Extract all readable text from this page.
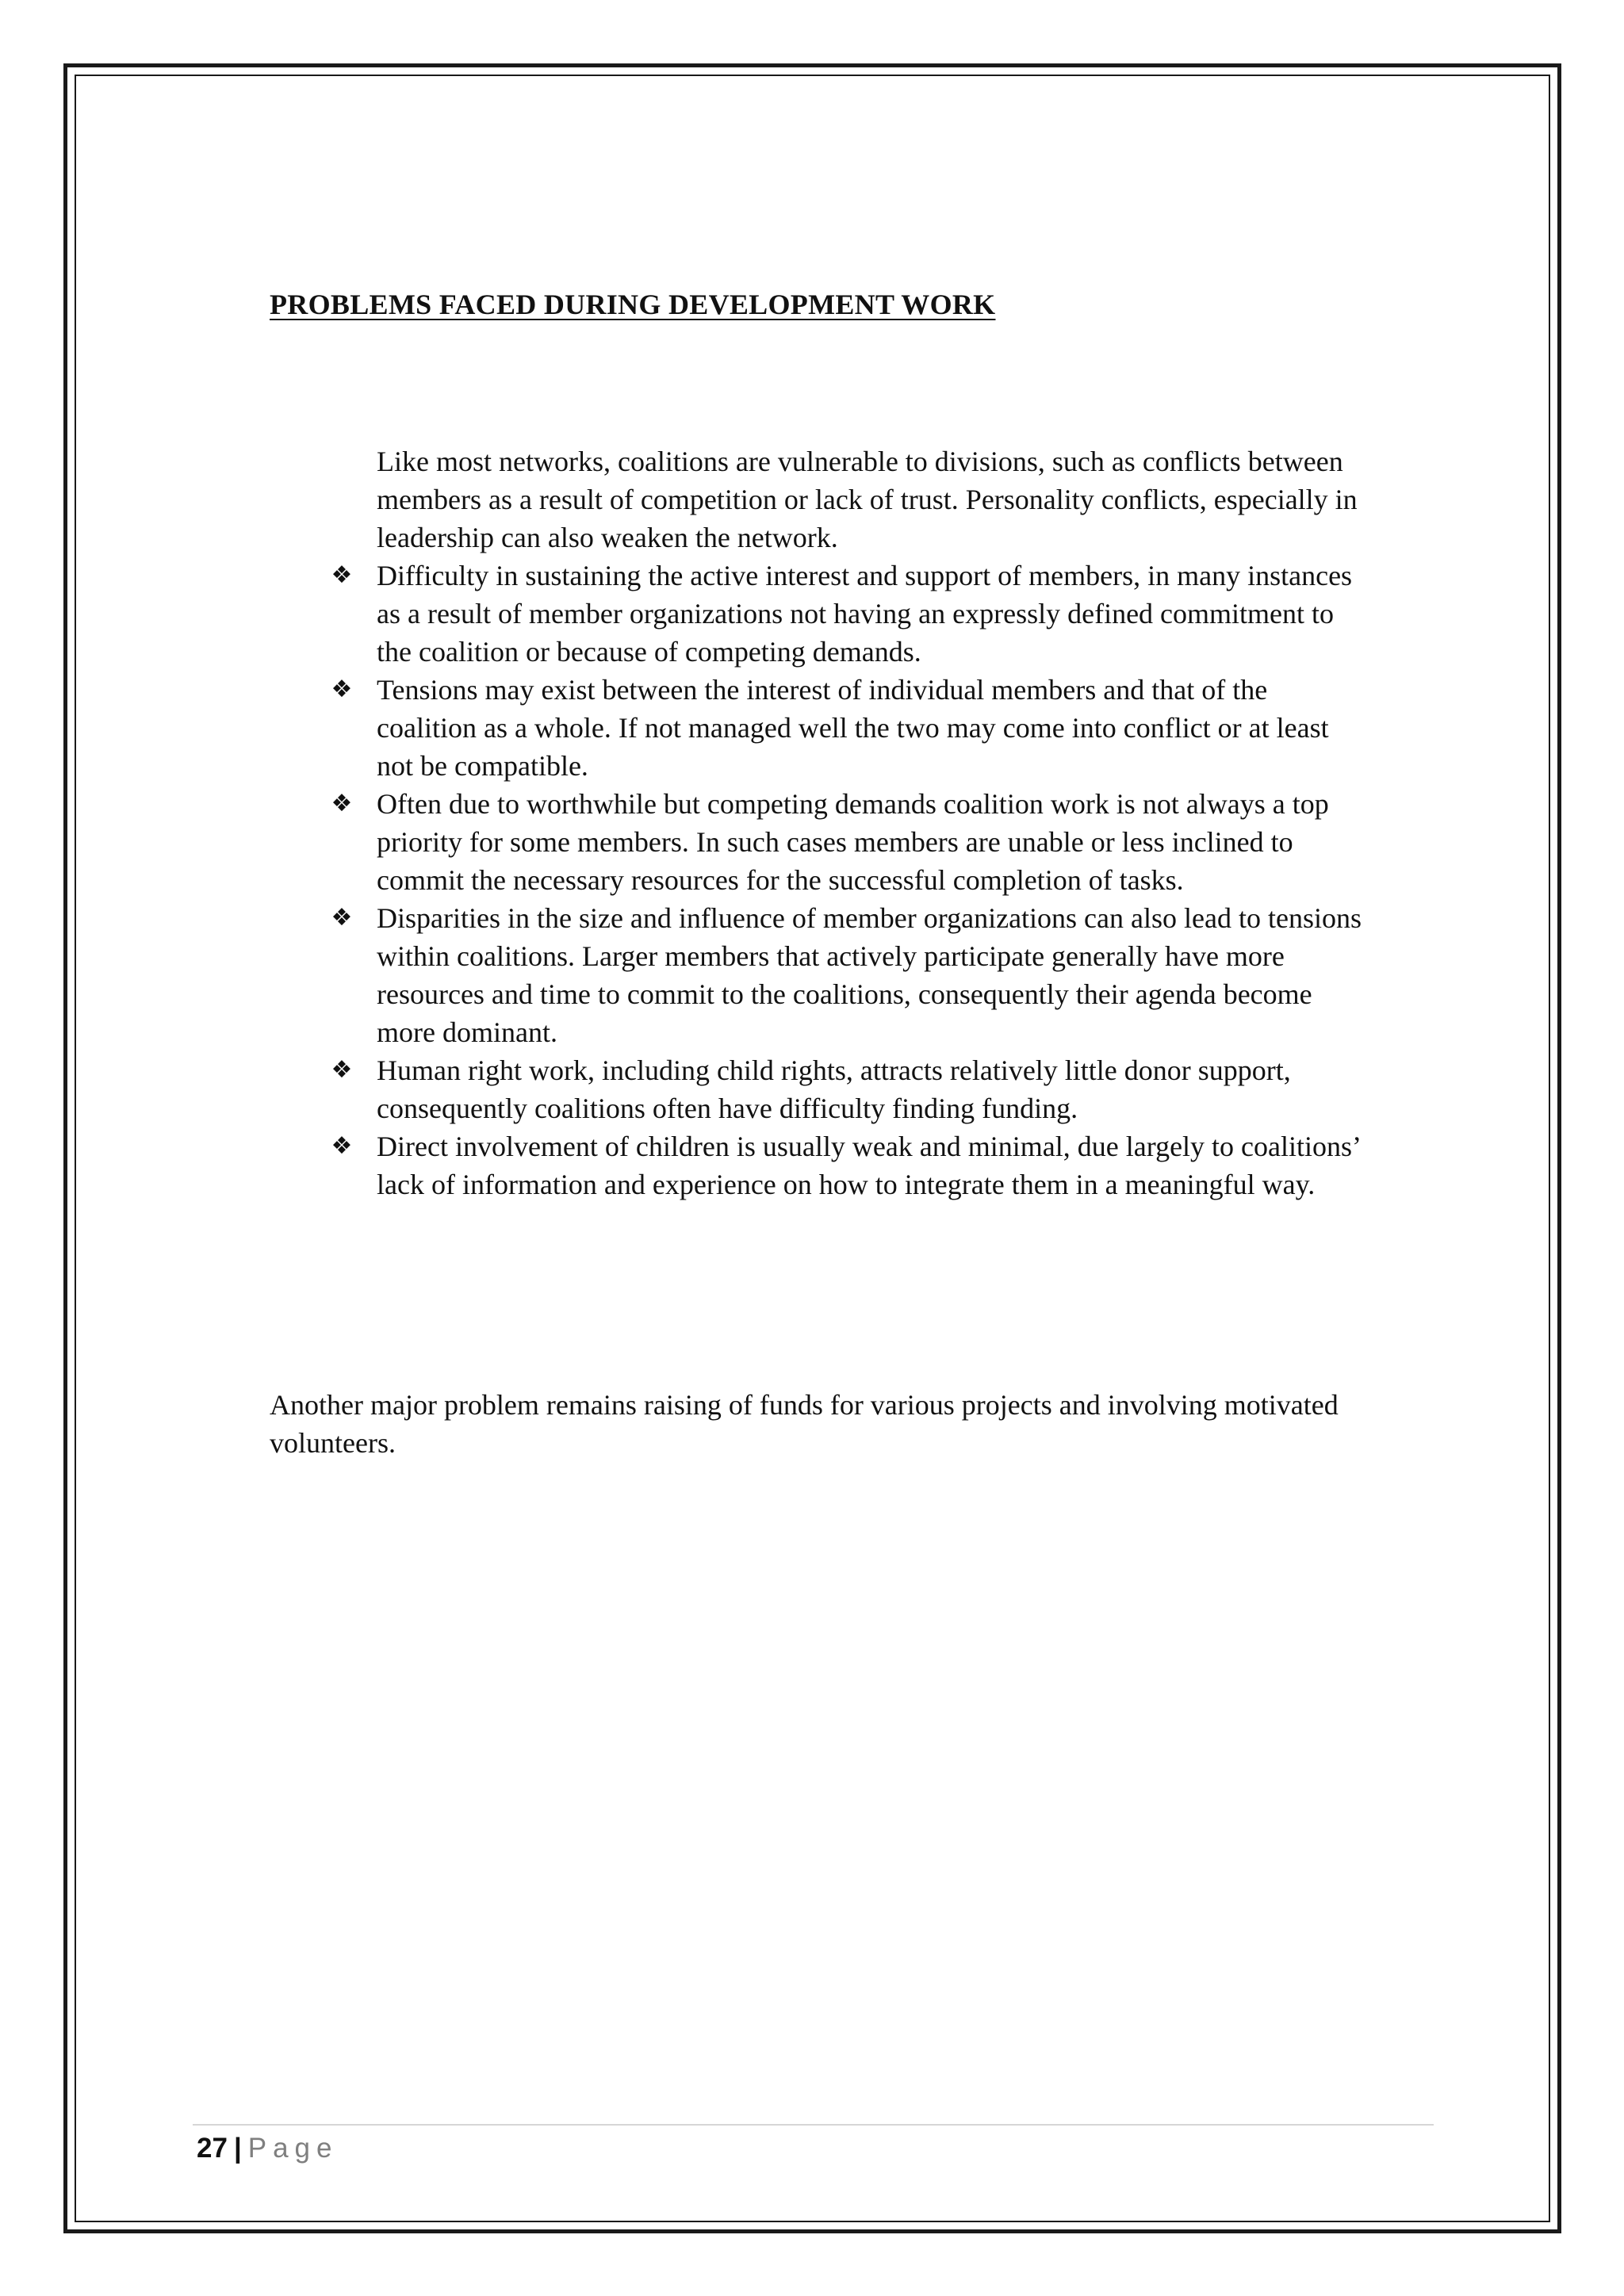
PROBLEMS FACED DURING DEVELOPMENT WORK
Like most networks, coalitions are vulnerable to divisions, such as conflicts between members as a result of competition or lack of trust. Personality conflicts, especially in leadership can also weaken the network.
❖ Difficulty in sustaining the active interest and support of members, in many instances as a result of member organizations not having an expressly defined commitment to the coalition or because of competing demands.
❖ Tensions may exist between the interest of individual members and that of the coalition as a whole. If not managed well the two may come into conflict or at least not be compatible.
❖ Often due to worthwhile but competing demands coalition work is not always a top priority for some members. In such cases members are unable or less inclined to commit the necessary resources for the successful completion of tasks.
❖ Disparities in the size and influence of member organizations can also lead to tensions within coalitions. Larger members that actively participate generally have more resources and time to commit to the coalitions, consequently their agenda become more dominant.
❖ Human right work, including child rights, attracts relatively little donor support, consequently coalitions often have difficulty finding funding.
❖ Direct involvement of children is usually weak and minimal, due largely to coalitions’ lack of information and experience on how to integrate them in a meaningful way.
Another major problem remains raising of funds for various projects and involving motivated volunteers.
27 | Page
